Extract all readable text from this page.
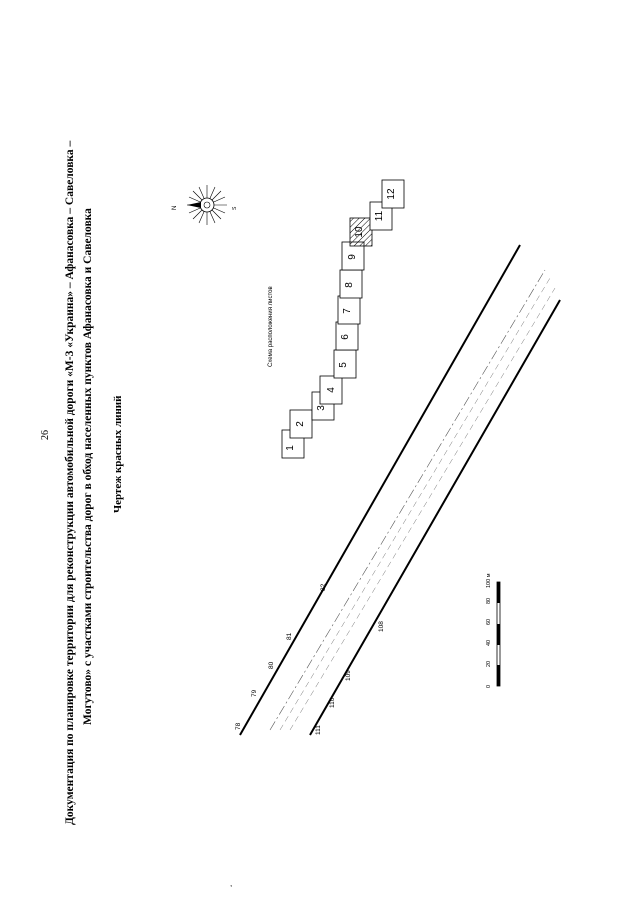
26 Документация по планировке территории для реконструкции автомобильной дороги «М-3 «Украина» – Афанасовка – Савеловка – Могутово» с участками строительства дорог в обход населенных пунктов Афанасовка и Савеловка Чертеж красных линий
Схема расположения листов
N	S
1
2
3
4
5
6
7
8
9
10
11
12
78
79
80
81
82
111
110
109
108
0
20
40
60
80
100 м
,
